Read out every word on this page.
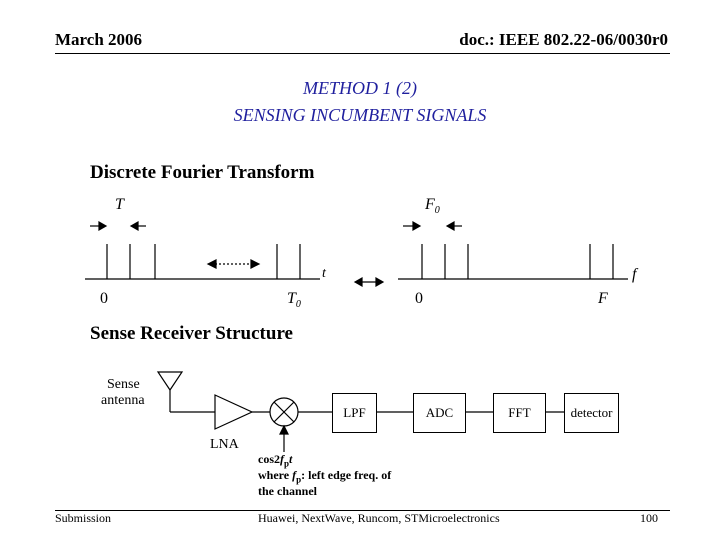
March 2006	doc.: IEEE 802.22-06/0030r0
METHOD 1 (2)
SENSING INCUMBENT SIGNALS
Discrete Fourier Transform
T	$F_0$
t	f
0	$T_0$	0	F
Sense Receiver Structure
Sense
antenna
LNA
LPF	ADC	FFT	detector
$\cos 2f_pt$
where $f_p$: left edge freq. of
the channel
Submission	Huawei, NextWave, Runcom, STMicroelectronics	100
